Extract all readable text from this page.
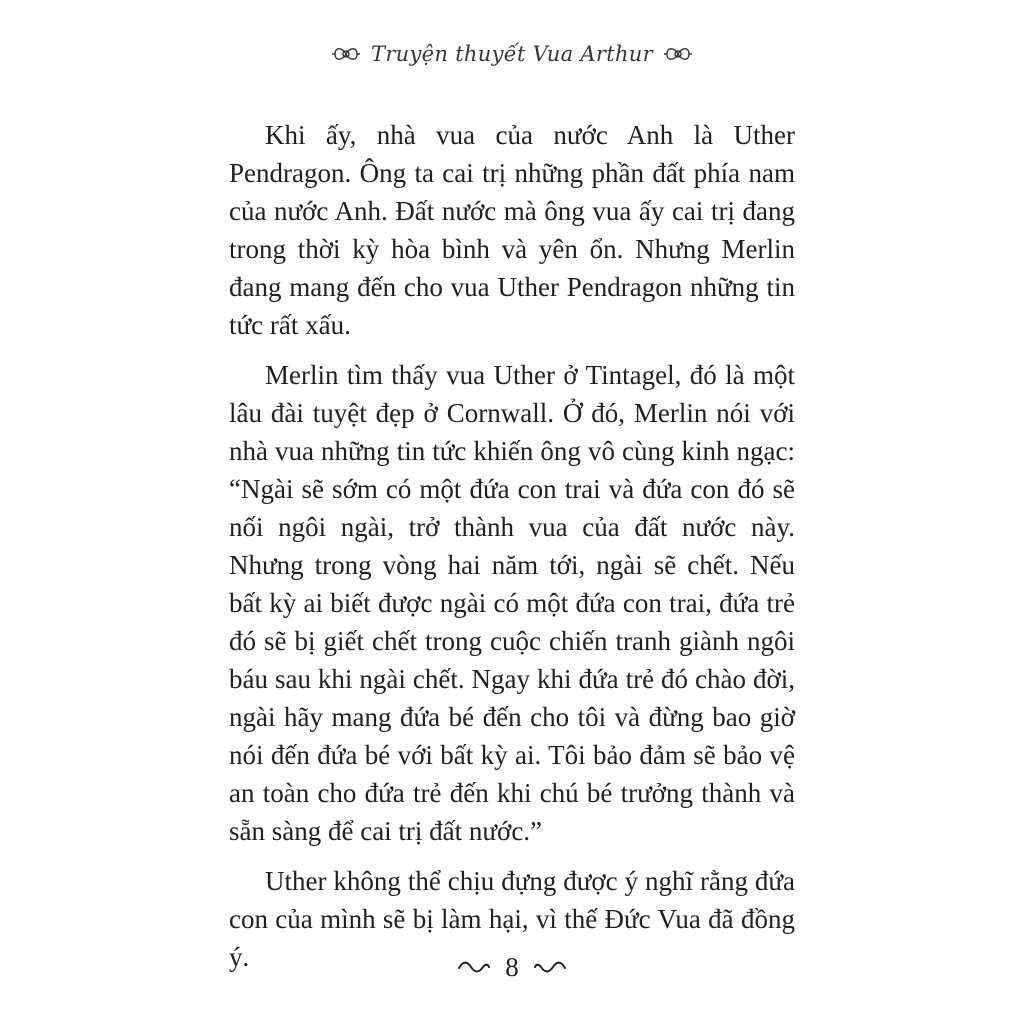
Truyện thuyết Vua Arthur

Khi ấy, nhà vua của nước Anh là Uther Pendragon. Ông ta cai trị những phần đất phía nam của nước Anh. Đất nước mà ông vua ấy cai trị đang trong thời kỳ hòa bình và yên ổn. Nhưng Merlin đang mang đến cho vua Uther Pendragon những tin tức rất xấu.

Merlin tìm thấy vua Uther ở Tintagel, đó là một lâu đài tuyệt đẹp ở Cornwall. Ở đó, Merlin nói với nhà vua những tin tức khiến ông vô cùng kinh ngạc: “Ngài sẽ sớm có một đứa con trai và đứa con đó sẽ nối ngôi ngài, trở thành vua của đất nước này. Nhưng trong vòng hai năm tới, ngài sẽ chết. Nếu bất kỳ ai biết được ngài có một đứa con trai, đứa trẻ đó sẽ bị giết chết trong cuộc chiến tranh giành ngôi báu sau khi ngài chết. Ngay khi đứa trẻ đó chào đời, ngài hãy mang đứa bé đến cho tôi và đừng bao giờ nói đến đứa bé với bất kỳ ai. Tôi bảo đảm sẽ bảo vệ an toàn cho đứa trẻ đến khi chú bé trưởng thành và sẵn sàng để cai trị đất nước.”

Uther không thể chịu đựng được ý nghĩ rằng đứa con của mình sẽ bị làm hại, vì thế Đức Vua đã đồng ý.	8
